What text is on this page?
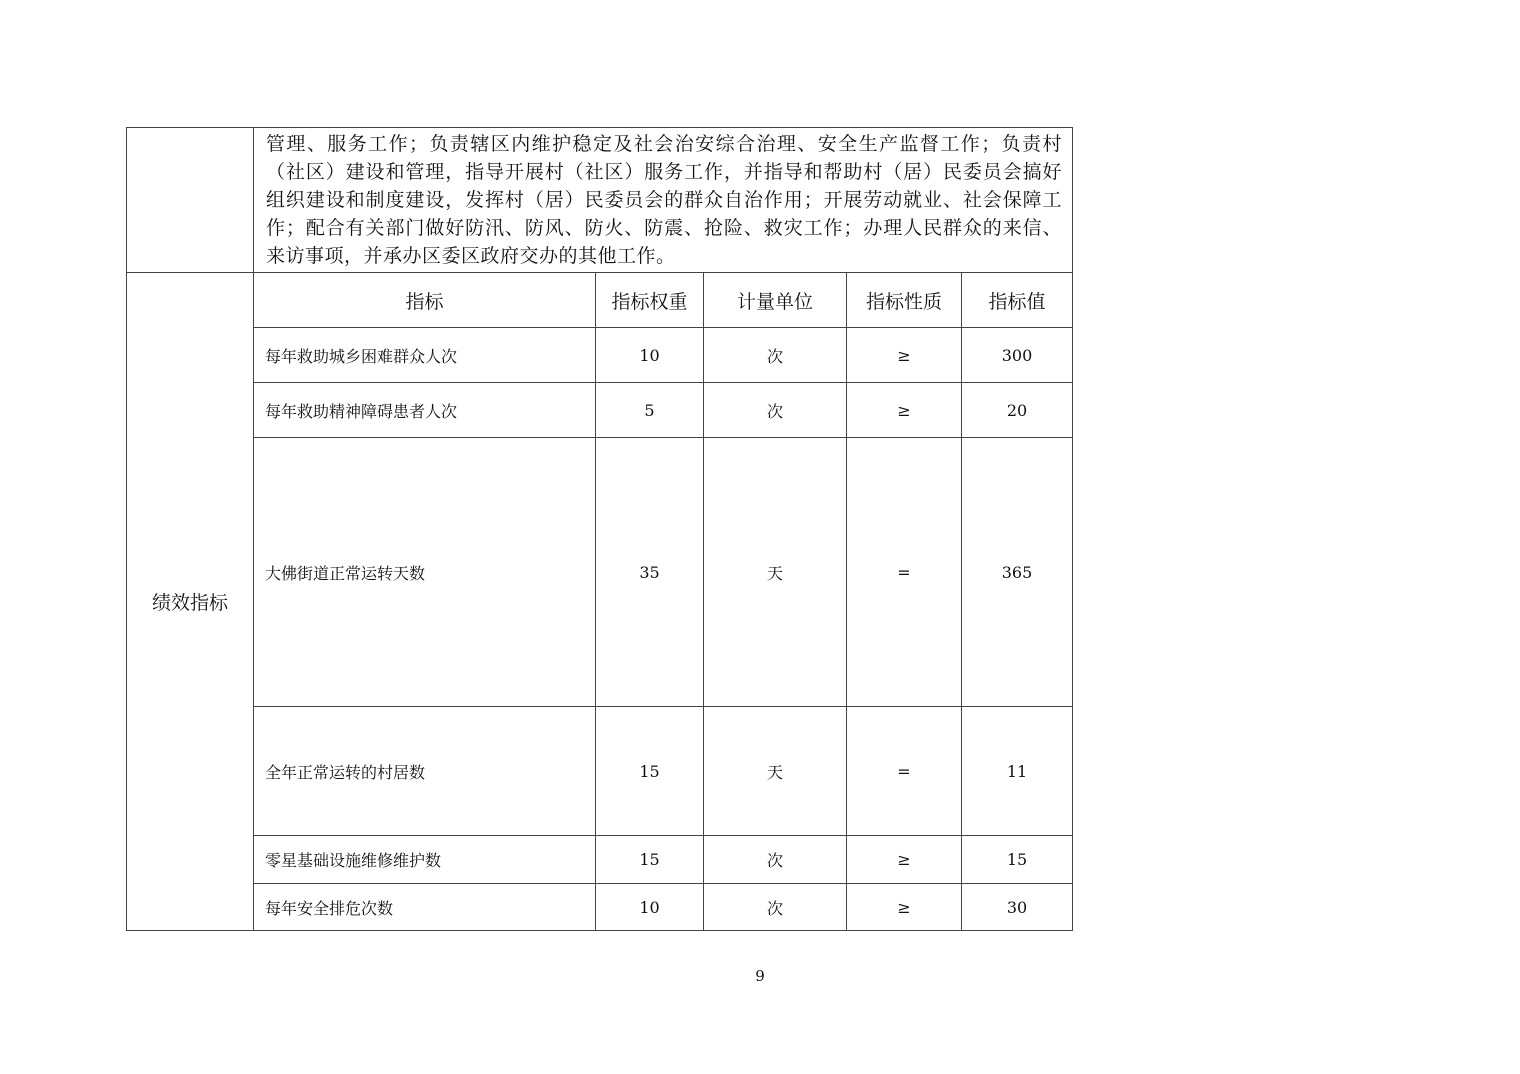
	管理、服务工作；负责辖区内维护稳定及社会治安综合治理、安全生产监督工作；负责村（社区）建设和管理，指导开展村（社区）服务工作，并指导和帮助村（居）民委员会搞好组织建设和制度建设，发挥村（居）民委员会的群众自治作用；开展劳动就业、社会保障工作；配合有关部门做好防汛、防风、防火、防震、抢险、救灾工作；办理人民群众的来信、来访事项，并承办区委区政府交办的其他工作。				
绩效指标	指标	指标权重	计量单位	指标性质	指标值
	每年救助城乡困难群众人次	10	次	≥	300
	每年救助精神障碍患者人次	5	次	≥	20
	大佛街道正常运转天数	35	天	=	365
	全年正常运转的村居数	15	天	=	11
	零星基础设施维修维护数	15	次	≥	15
	每年安全排危次数	10	次	≥	30
9
